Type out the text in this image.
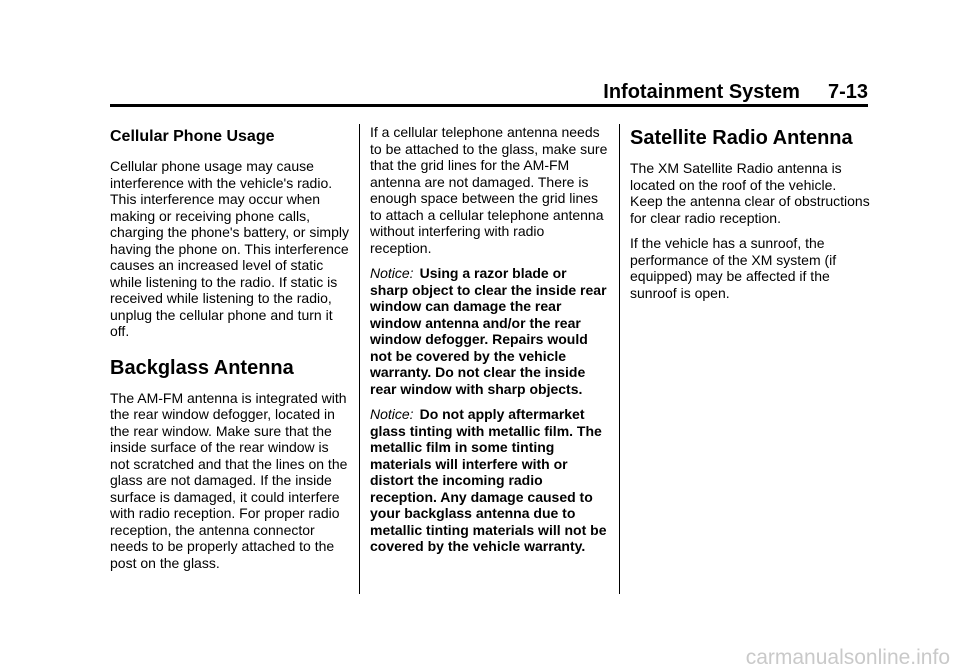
Infotainment System 7-13
Cellular Phone Usage

Cellular phone usage may cause interference with the vehicle's radio. This interference may occur when making or receiving phone calls, charging the phone's battery, or simply having the phone on. This interference causes an increased level of static while listening to the radio. If static is received while listening to the radio, unplug the cellular phone and turn it off.

Backglass Antenna

The AM-FM antenna is integrated with the rear window defogger, located in the rear window. Make sure that the inside surface of the rear window is not scratched and that the lines on the glass are not damaged. If the inside surface is damaged, it could interfere with radio reception. For proper radio reception, the antenna connector needs to be properly attached to the post on the glass.

If a cellular telephone antenna needs to be attached to the glass, make sure that the grid lines for the AM-FM antenna are not damaged. There is enough space between the grid lines to attach a cellular telephone antenna without interfering with radio reception.

Notice: Using a razor blade or sharp object to clear the inside rear window can damage the rear window antenna and/or the rear window defogger. Repairs would not be covered by the vehicle warranty. Do not clear the inside rear window with sharp objects.

Notice: Do not apply aftermarket glass tinting with metallic film. The metallic film in some tinting materials will interfere with or distort the incoming radio reception. Any damage caused to your backglass antenna due to metallic tinting materials will not be covered by the vehicle warranty.

Satellite Radio Antenna

The XM Satellite Radio antenna is located on the roof of the vehicle. Keep the antenna clear of obstructions for clear radio reception.

If the vehicle has a sunroof, the performance of the XM system (if equipped) may be affected if the sunroof is open.

carmanualsonline.info
